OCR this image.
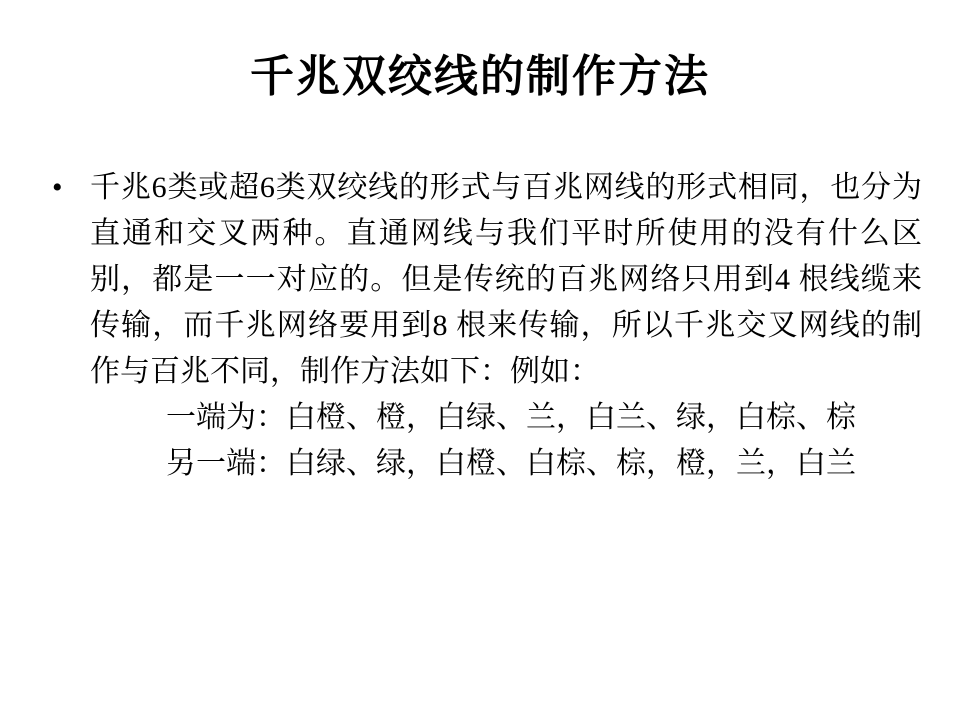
千兆双绞线的制作方法
• 千兆6类或超6类双绞线的形式与百兆网线的形式相同，也分为直通和交叉两种。直通网线与我们平时所使用的没有什么区别，都是一一对应的。但是传统的百兆网络只用到4 根线缆来传输，而千兆网络要用到8 根来传输，所以千兆交叉网线的制作与百兆不同，制作方法如下：例如：

一端为：白橙、橙，白绿、兰，白兰、绿，白棕、棕

另一端：白绿、绿，白橙、白棕、棕，橙，兰，白兰
